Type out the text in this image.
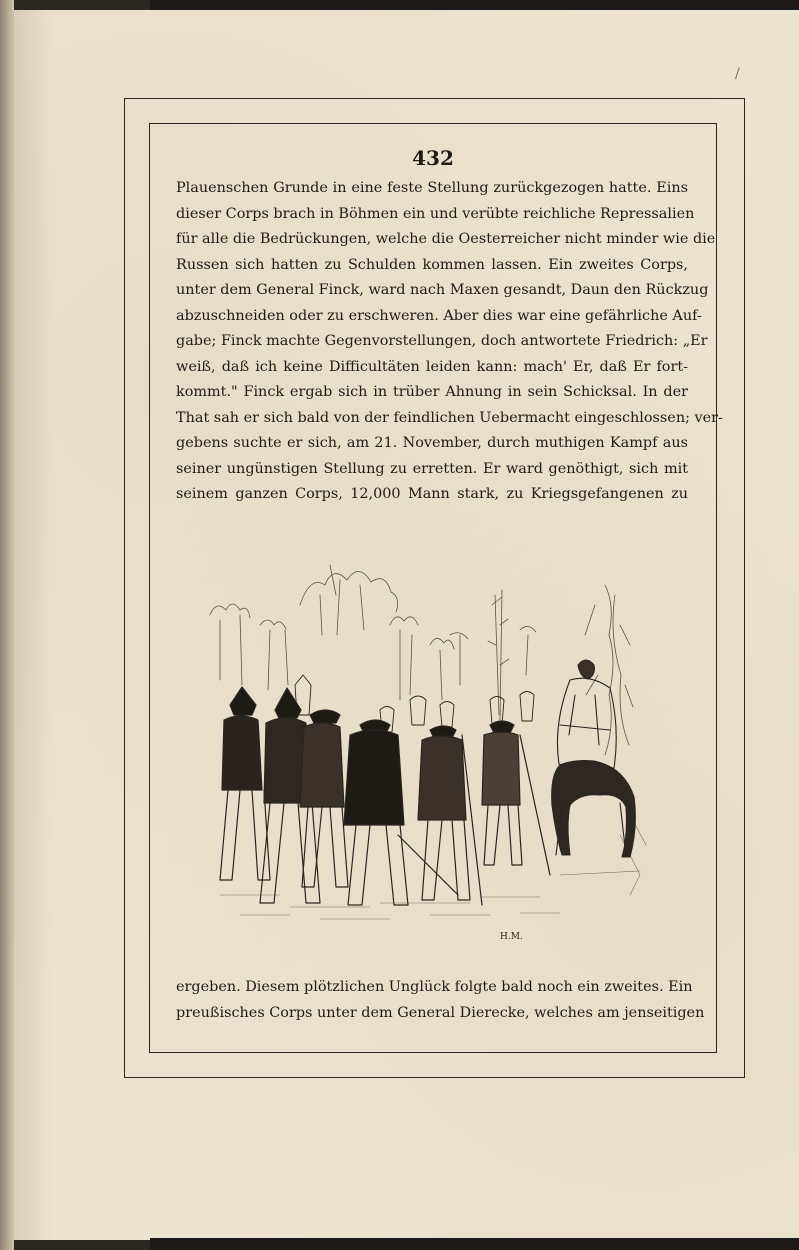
432
Plauenschen Grunde in eine feste Stellung zurückgezogen hatte. Eins
dieser Corps brach in Böhmen ein und verübte reichliche Repressalien
für alle die Bedrückungen, welche die Oesterreicher nicht minder wie die
Russen sich hatten zu Schulden kommen lassen. Ein zweites Corps,
unter dem General Finck, ward nach Maxen gesandt, Daun den Rückzug
abzuschneiden oder zu erschweren. Aber dies war eine gefährliche Auf-
gabe; Finck machte Gegenvorstellungen, doch antwortete Friedrich: „Er
weiß, daß ich keine Difficultäten leiden kann: mach' Er, daß Er fort-
kommt." Finck ergab sich in trüber Ahnung in sein Schicksal. In der
That sah er sich bald von der feindlichen Uebermacht eingeschlossen; ver-
gebens suchte er sich, am 21. November, durch muthigen Kampf aus
seiner ungünstigen Stellung zu erretten. Er ward genöthigt, sich mit
seinem ganzen Corps, 12,000 Mann stark, zu Kriegsgefangenen zu
H.M.
ergeben. Diesem plötzlichen Unglück folgte bald noch ein zweites. Ein
preußisches Corps unter dem General Dierecke, welches am jenseitigen
/
